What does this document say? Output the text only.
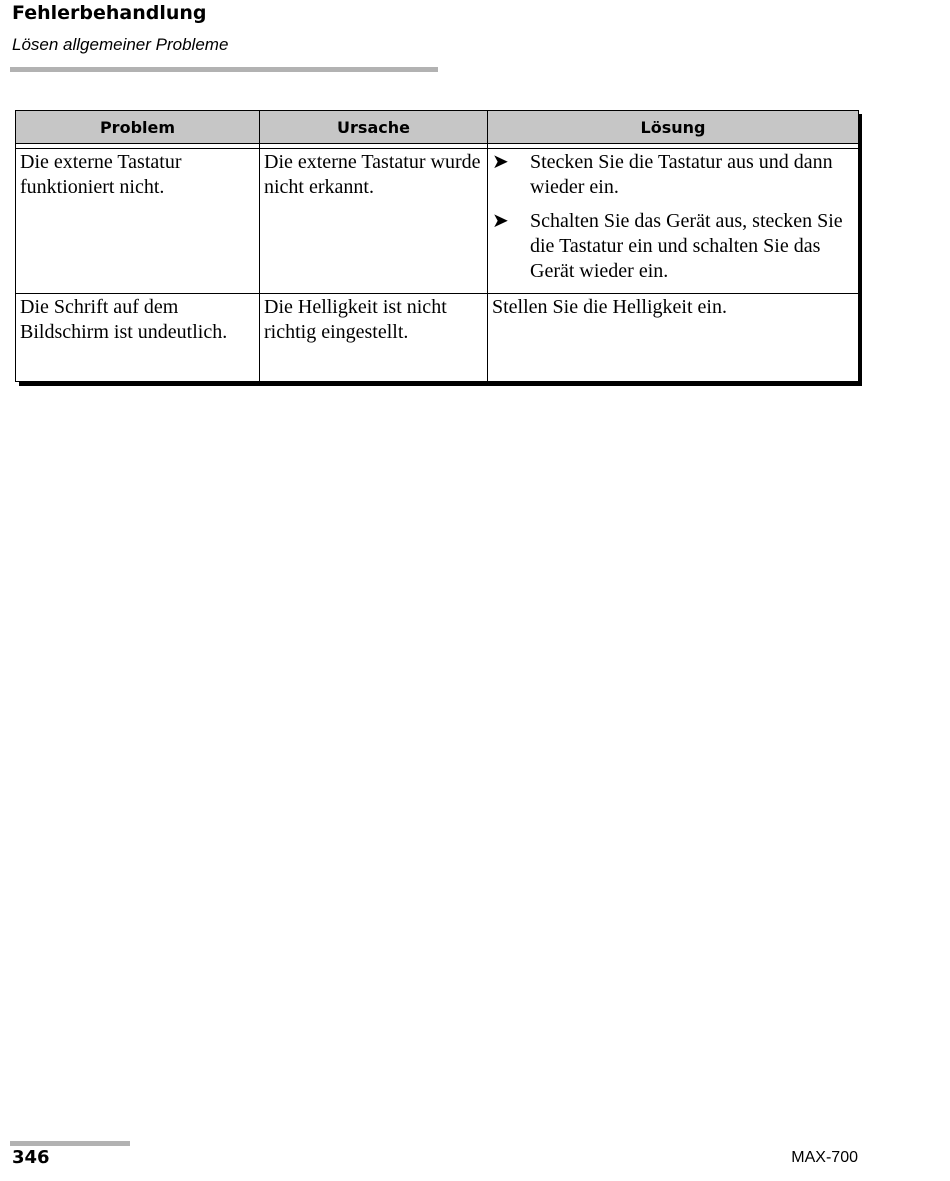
Fehlerbehandlung
Lösen allgemeiner Probleme
Problem	Ursache	Lösung

Die externe Tastatur funktioniert nicht.	Die externe Tastatur wurde nicht erkannt.	➤ Stecken Sie die Tastatur aus und dann wieder ein.
➤ Schalten Sie das Gerät aus, stecken Sie die Tastatur ein und schalten Sie das Gerät wieder ein.

Die Schrift auf dem Bildschirm ist undeutlich.	Die Helligkeit ist nicht richtig eingestellt.	Stellen Sie die Helligkeit ein.
346	MAX-700
